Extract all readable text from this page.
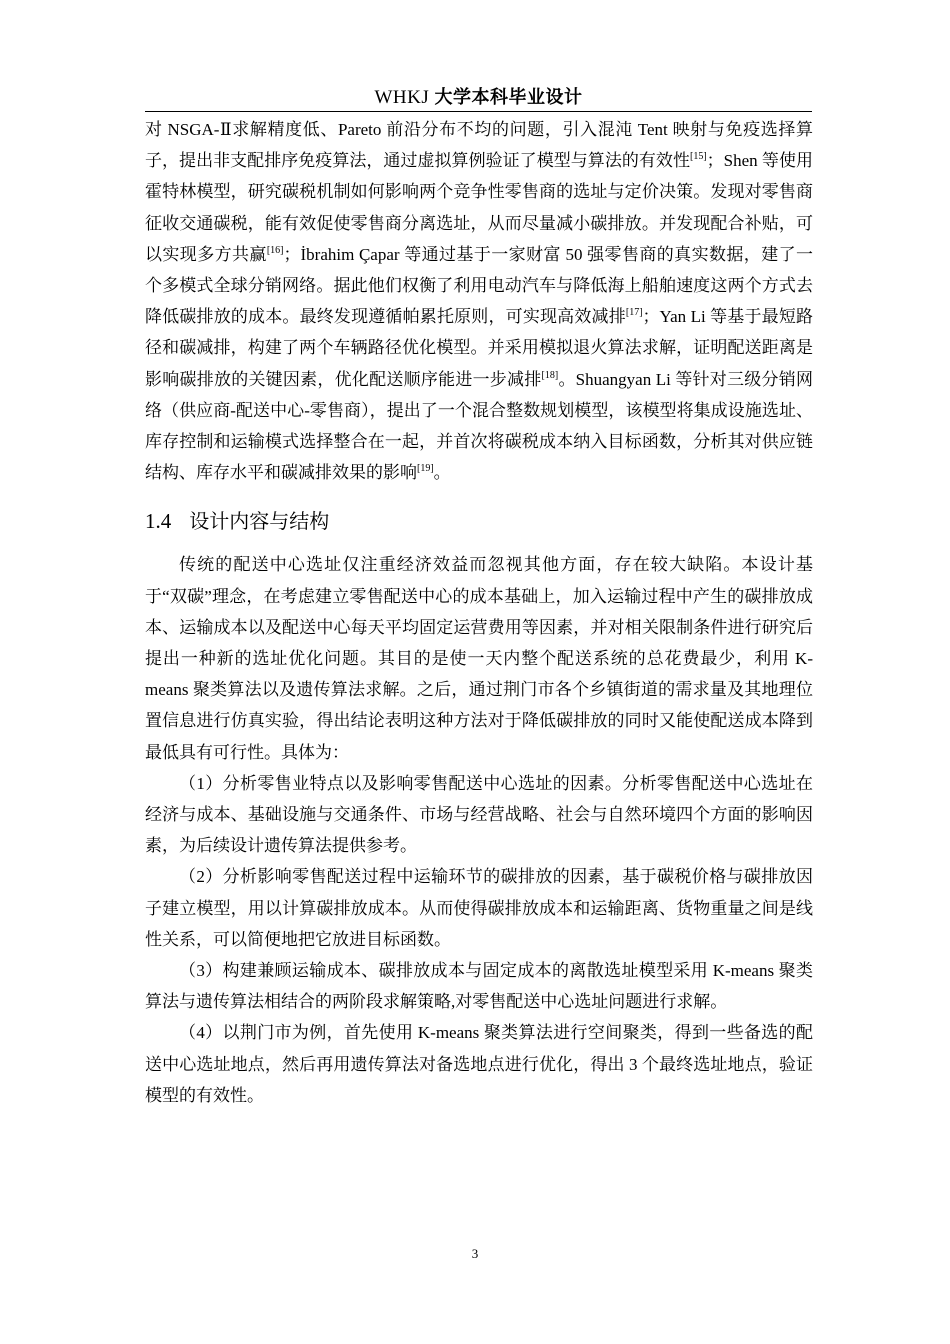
WHKJ 大学本科毕业设计

对 NSGA-Ⅱ求解精度低、Pareto 前沿分布不均的问题，引入混沌 Tent 映射与免疫选择算子，提出非支配排序免疫算法，通过虚拟算例验证了模型与算法的有效性[15]；Shen 等使用霍特林模型，研究碳税机制如何影响两个竞争性零售商的选址与定价决策。发现对零售商征收交通碳税，能有效促使零售商分离选址，从而尽量减小碳排放。并发现配合补贴，可以实现多方共赢[16]；İbrahim Çapar 等通过基于一家财富 50 强零售商的真实数据，建了一个多模式全球分销网络。据此他们权衡了利用电动汽车与降低海上船舶速度这两个方式去降低碳排放的成本。最终发现遵循帕累托原则，可实现高效减排[17]；Yan Li 等基于最短路径和碳减排，构建了两个车辆路径优化模型。并采用模拟退火算法求解，证明配送距离是影响碳排放的关键因素，优化配送顺序能进一步减排[18]。Shuangyan Li 等针对三级分销网络（供应商-配送中心-零售商），提出了一个混合整数规划模型，该模型将集成设施选址、库存控制和运输模式选择整合在一起，并首次将碳税成本纳入目标函数，分析其对供应链结构、库存水平和碳减排效果的影响[19]。

1.4 设计内容与结构

传统的配送中心选址仅注重经济效益而忽视其他方面，存在较大缺陷。本设计基于“双碳”理念，在考虑建立零售配送中心的成本基础上，加入运输过程中产生的碳排放成本、运输成本以及配送中心每天平均固定运营费用等因素，并对相关限制条件进行研究后提出一种新的选址优化问题。其目的是使一天内整个配送系统的总花费最少，利用 K-means 聚类算法以及遗传算法求解。之后，通过荆门市各个乡镇街道的需求量及其地理位置信息进行仿真实验，得出结论表明这种方法对于降低碳排放的同时又能使配送成本降到最低具有可行性。具体为：

（1）分析零售业特点以及影响零售配送中心选址的因素。分析零售配送中心选址在经济与成本、基础设施与交通条件、市场与经营战略、社会与自然环境四个方面的影响因素，为后续设计遗传算法提供参考。

（2）分析影响零售配送过程中运输环节的碳排放的因素，基于碳税价格与碳排放因子建立模型，用以计算碳排放成本。从而使得碳排放成本和运输距离、货物重量之间是线性关系，可以简便地把它放进目标函数。

（3）构建兼顾运输成本、碳排放成本与固定成本的离散选址模型采用 K-means 聚类算法与遗传算法相结合的两阶段求解策略,对零售配送中心选址问题进行求解。

（4）以荆门市为例，首先使用 K-means 聚类算法进行空间聚类，得到一些备选的配送中心选址地点，然后再用遗传算法对备选地点进行优化，得出 3 个最终选址地点，验证模型的有效性。

3
